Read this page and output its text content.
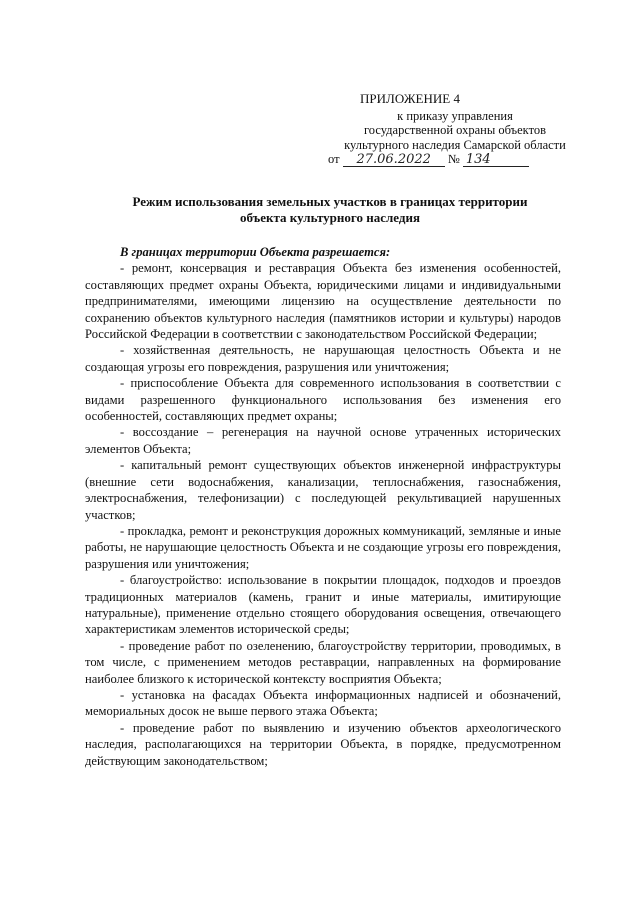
ПРИЛОЖЕНИЕ 4
к приказу управления
государственной охраны объектов
культурного наследия Самарской области
от 27.06.2022 № 134
Режим использования земельных участков в границах территории
объекта культурного наследия

В границах территории Объекта разрешается:

- ремонт, консервация и реставрация Объекта без изменения особенностей, составляющих предмет охраны Объекта, юридическими лицами и индивидуальными предпринимателями, имеющими лицензию на осуществление деятельности по сохранению объектов культурного наследия (памятников истории и культуры) народов Российской Федерации в соответствии с законодательством Российской Федерации;

- хозяйственная деятельность, не нарушающая целостность Объекта и не создающая угрозы его повреждения, разрушения или уничтожения;

- приспособление Объекта для современного использования в соответствии с видами разрешенного функционального использования без изменения его особенностей, составляющих предмет охраны;

- воссоздание – регенерация на научной основе утраченных исторических элементов Объекта;

- капитальный ремонт существующих объектов инженерной инфраструктуры (внешние сети водоснабжения, канализации, теплоснабжения, газоснабжения, электроснабжения, телефонизации) с последующей рекультивацией нарушенных участков;

- прокладка, ремонт и реконструкция дорожных коммуникаций, земляные и иные работы, не нарушающие целостность Объекта и не создающие угрозы его повреждения, разрушения или уничтожения;

- благоустройство: использование в покрытии площадок, подходов и проездов традиционных материалов (камень, гранит и иные материалы, имитирующие натуральные), применение отдельно стоящего оборудования освещения, отвечающего характеристикам элементов исторической среды;

- проведение работ по озеленению, благоустройству территории, проводимых, в том числе, с применением методов реставрации, направленных на формирование наиболее близкого к исторической контексту восприятия Объекта;

- установка на фасадах Объекта информационных надписей и обозначений, мемориальных досок не выше первого этажа Объекта;

- проведение работ по выявлению и изучению объектов археологического наследия, располагающихся на территории Объекта, в порядке, предусмотренном действующим законодательством;
